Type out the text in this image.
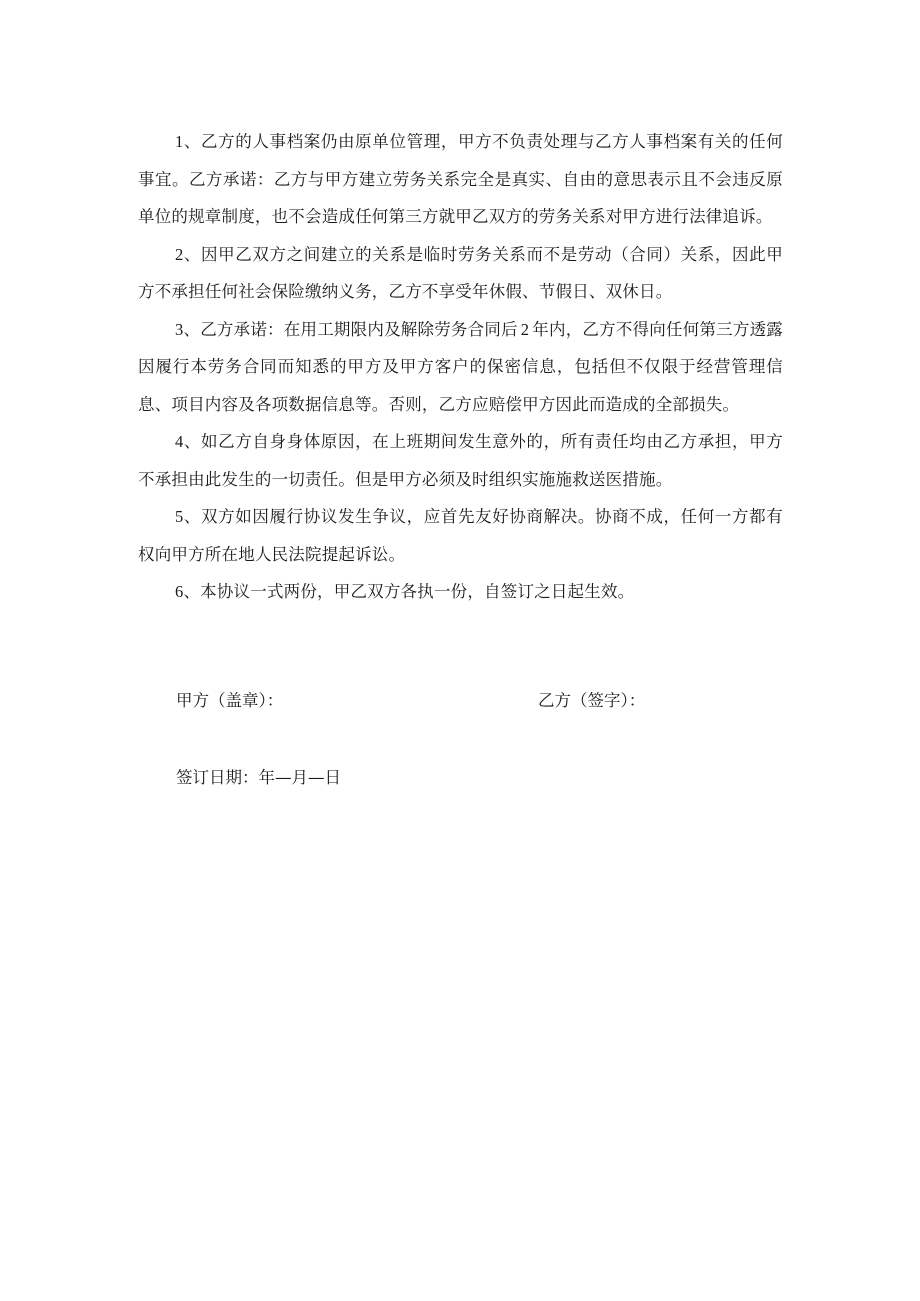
1、乙方的人事档案仍由原单位管理，甲方不负责处理与乙方人事档案有关的任何事宜。乙方承诺：乙方与甲方建立劳务关系完全是真实、自由的意思表示且不会违反原单位的规章制度，也不会造成任何第三方就甲乙双方的劳务关系对甲方进行法律追诉。

2、因甲乙双方之间建立的关系是临时劳务关系而不是劳动（合同）关系，因此甲方不承担任何社会保险缴纳义务，乙方不享受年休假、节假日、双休日。

3、乙方承诺：在用工期限内及解除劳务合同后 2 年内，乙方不得向任何第三方透露因履行本劳务合同而知悉的甲方及甲方客户的保密信息，包括但不仅限于经营管理信息、项目内容及各项数据信息等。否则，乙方应赔偿甲方因此而造成的全部损失。

4、如乙方自身身体原因，在上班期间发生意外的，所有责任均由乙方承担，甲方不承担由此发生的一切责任。但是甲方必须及时组织实施施救送医措施。

5、双方如因履行协议发生争议，应首先友好协商解决。协商不成，任何一方都有权向甲方所在地人民法院提起诉讼。

6、本协议一式两份，甲乙双方各执一份，自签订之日起生效。

甲方（盖章）：	乙方（签字）：
签订日期：年—月—日
